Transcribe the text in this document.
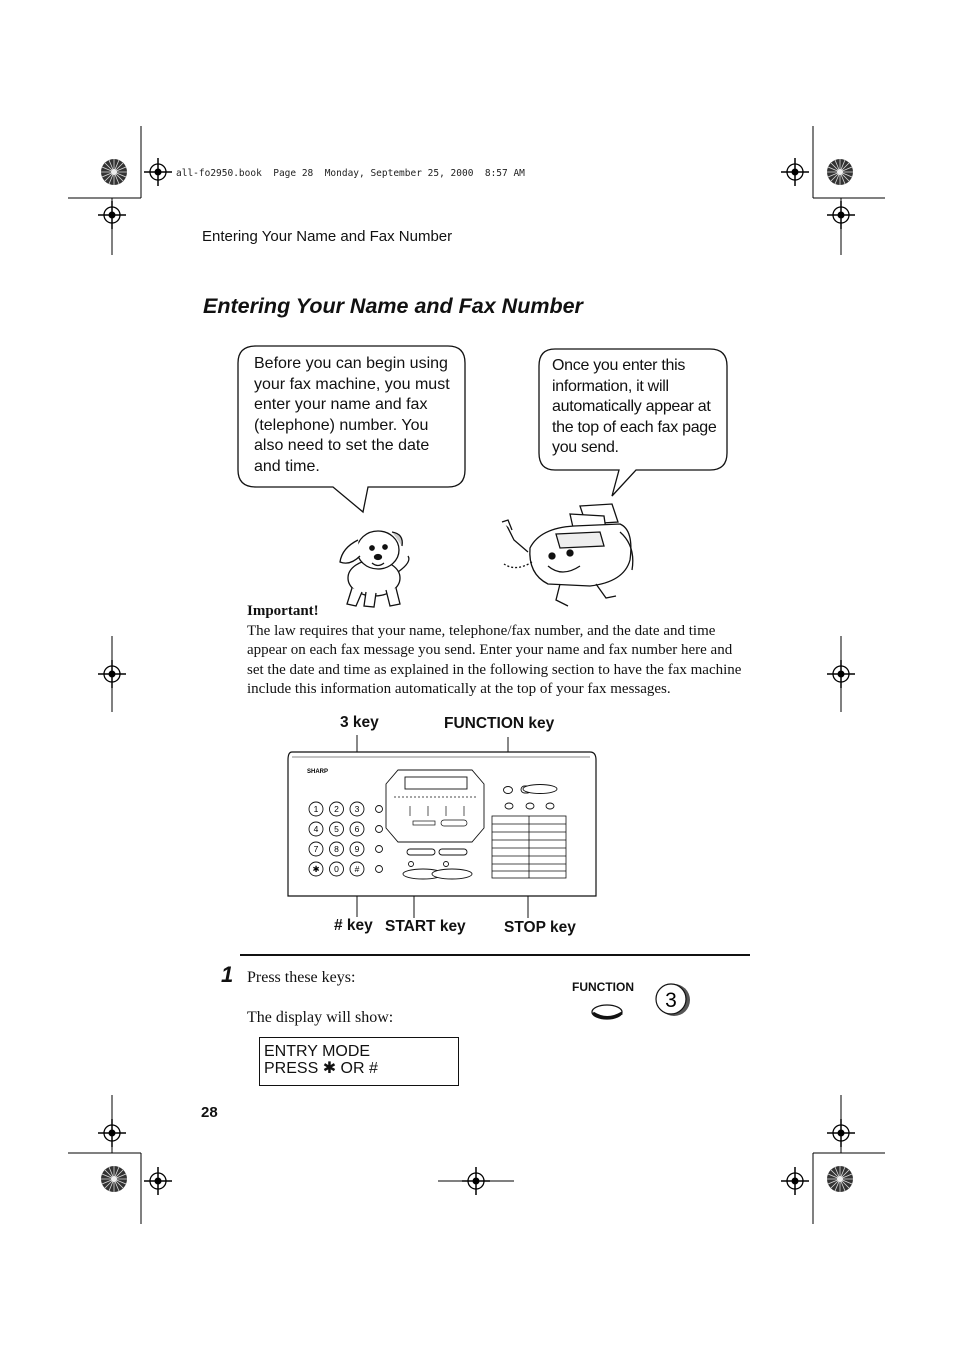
all-fo2950.book  Page 28  Monday, September 25, 2000  8:57 AM
Entering Your Name and Fax Number
Entering Your Name and Fax Number
Before you can begin using your fax machine, you must enter your name and fax (telephone) number. You also need to set the date and time.
Once you enter this information, it will automatically appear at the top of each fax page you send.
Important!
The law requires that your name, telephone/fax number, and the date and time appear on each fax message you send. Enter your name and fax number here and set the date and time as explained in the following section to have the fax machine include this information automatically at the top of your fax messages.
3 key	FUNCTION key
# key START key STOP key
SHARP
1 2 3
4 5 6
7 8 9
✱ 0 #
1 Press these keys:
The display will show:
FUNCTION
3
ENTRY MODE
PRESS ✱ OR #
28
